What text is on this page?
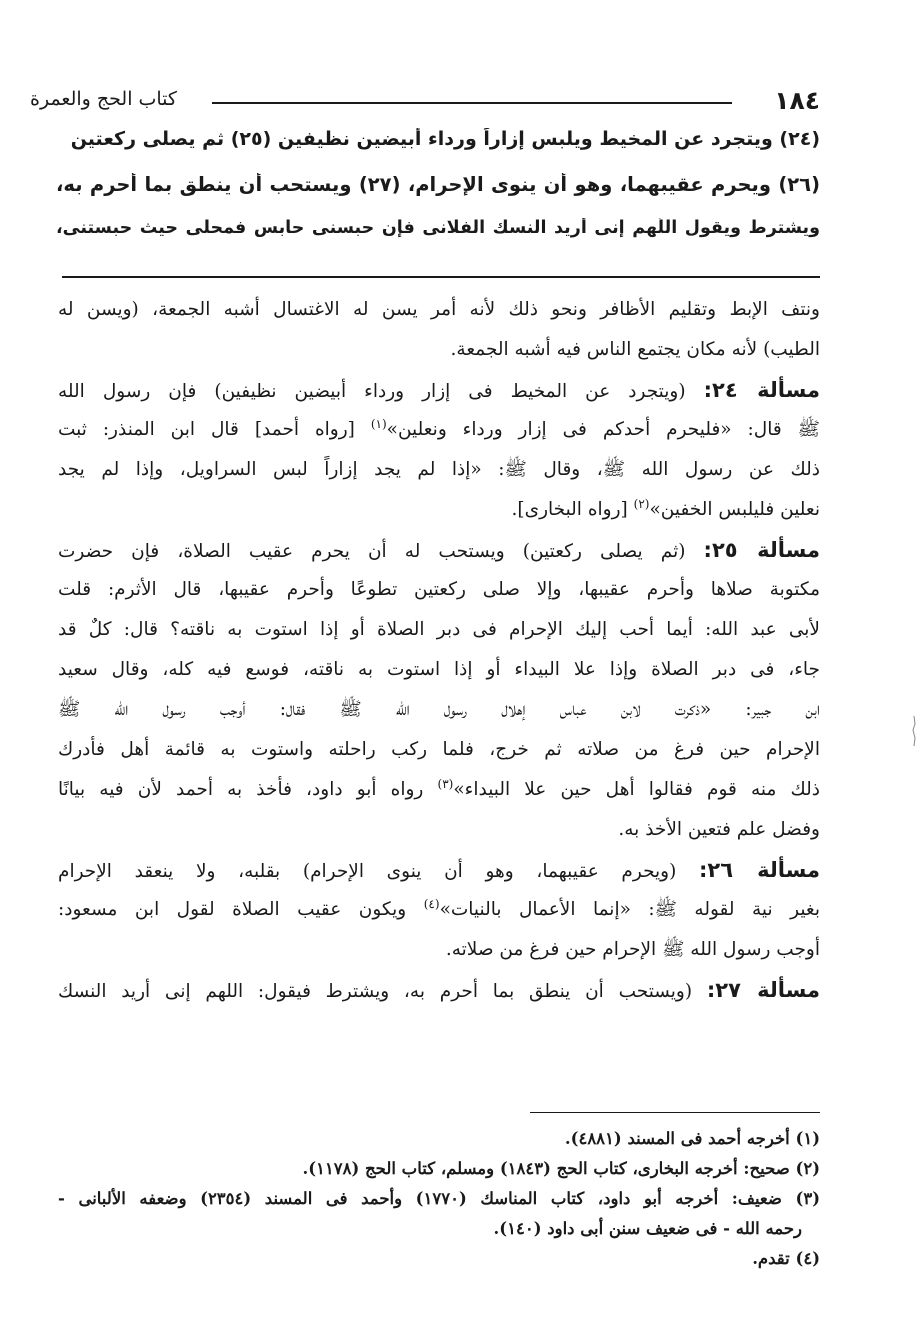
١٨٤
كتاب الحج والعمرة
(٢٤) ويتجرد عن المخيط ويلبس إزاراً ورداء أبيضين نظيفين (٢٥) ثم يصلى ركعتين
(٢٦) ويحرم عقيبهما، وهو أن ينوى الإحرام، (٢٧) ويستحب أن ينطق بما أحرم به،
ويشترط ويقول اللّهم إنى أريد النسك الفلانى فإن حبسنى حابس فمحلى حيث حبستنى،
ونتف الإبط وتقليم الأظافر ونحو ذلك لأنه أمر يسن له الاغتسال أشبه الجمعة، (ويسن له
الطيب) لأنه مكان يجتمع الناس فيه أشبه الجمعة.
مسألة ٢٤: (ويتجرد عن المخيط فى إزار ورداء أبيضين نظيفين) فإن رسول الله
ﷺ قال: «فليحرم أحدكم فى إزار ورداء ونعلين»$^{(١)}$ [رواه أحمد] قال ابن المنذر: ثبت
ذلك عن رسول الله ﷺ، وقال ﷺ: «إذا لم يجد إزاراً لبس السراويل، وإذا لم يجد
نعلين فليلبس الخفين»$^{(٢)}$ [رواه البخارى].
مسألة ٢٥: (ثم يصلى ركعتين) ويستحب له أن يحرم عقيب الصلاة، فإن حضرت
مكتوبة صلاها وأحرم عقيبها، وإلا صلى ركعتين تطوعًا وأحرم عقيبها، قال الأثرم: قلت
لأبى عبد الله: أيما أحب إليك الإحرام فى دبر الصلاة أو إذا استوت به ناقته؟ قال: كلٌ قد
جاء، فى دبر الصلاة وإذا علا البيداء أو إذا استوت به ناقته، فوسع فيه كله، وقال سعيد
ابن جبير: «ذكرت لابن عباس إهلال رسول الله ﷺ فقال: أوجب رسول الله ﷺ
الإحرام حين فرغ من صلاته ثم خرج، فلما ركب راحلته واستوت به قائمة أهل فأدرك
ذلك منه قوم فقالوا أهل حين علا البيداء»$^{(٣)}$ رواه أبو داود، فأخذ به أحمد لأن فيه بيانًا
وفضل علم فتعين الأخذ به.
مسألة ٢٦: (ويحرم عقيبهما، وهو أن ينوى الإحرام) بقلبه، ولا ينعقد الإحرام
بغير نية لقوله ﷺ: «إنما الأعمال بالنيات»$^{(٤)}$ ويكون عقيب الصلاة لقول ابن مسعود:
أوجب رسول الله ﷺ الإحرام حين فرغ من صلاته.
مسألة ٢٧: (ويستحب أن ينطق بما أحرم به، ويشترط فيقول: اللهم إنى أريد النسك
(١) أخرجه أحمد فى المسند (٤٨٨١).
(٢) صحيح: أخرجه البخارى، كتاب الحج (١٨٤٣) ومسلم، كتاب الحج (١١٧٨).
(٣) ضعيف: أخرجه أبو داود، كتاب المناسك (١٧٧٠) وأحمد فى المسند (٢٣٥٤) وضعفه الألبانى -
رحمه الله - فى ضعيف سنن أبى داود (١٤٠).
(٤) تقدم.
